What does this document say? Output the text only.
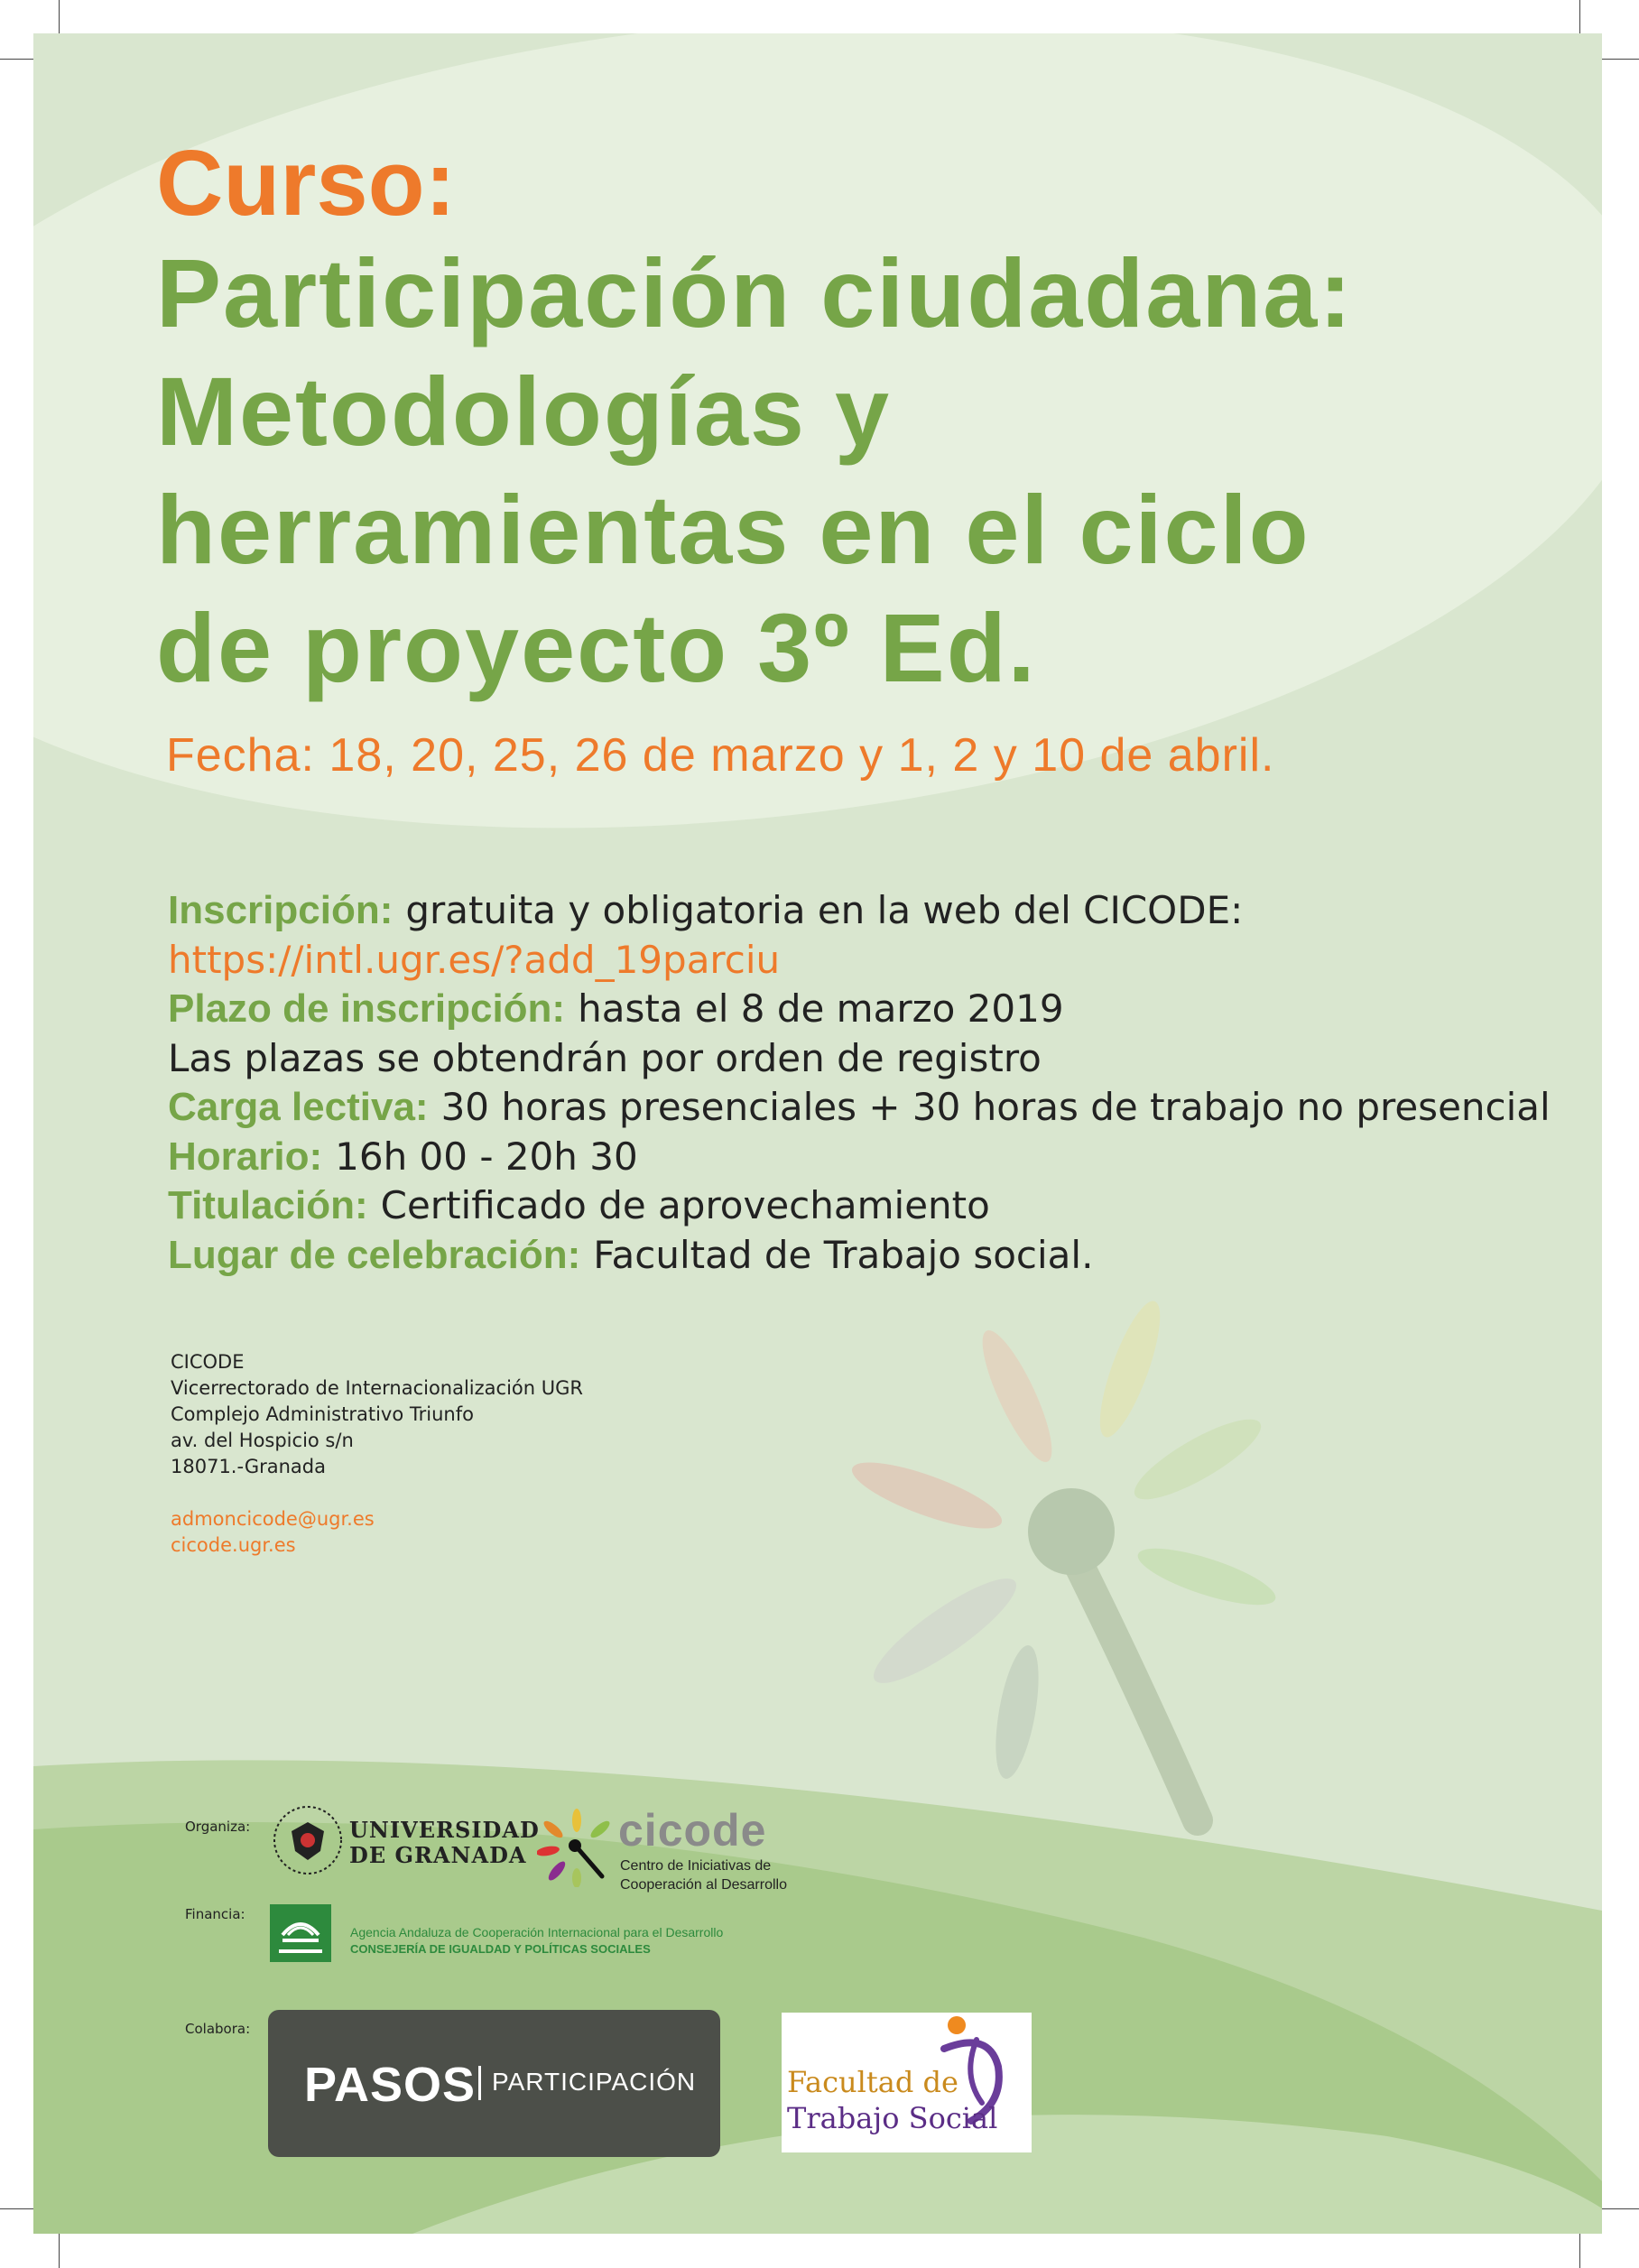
Curso:
Participación ciudadana:
Metodologías y
herramientas en el ciclo
de proyecto 3º Ed.
Fecha: 18, 20, 25, 26 de marzo y 1, 2 y 10 de abril.
Inscripción: gratuita y obligatoria en la web del CICODE:
https://intl.ugr.es/?add_19parciu
Plazo de inscripción: hasta el 8 de marzo 2019
Las plazas se obtendrán por orden de registro
Carga lectiva: 30 horas presenciales + 30 horas de trabajo no presencial
Horario: 16h 00 - 20h 30
Titulación: Certificado de aprovechamiento
Lugar de celebración: Facultad de Trabajo social.
CICODE
Vicerrectorado de Internacionalización UGR
Complejo Administrativo Triunfo
av. del Hospicio s/n
18071.-Granada
admoncicode@ugr.es
cicode.ugr.es
Organiza:
Financia:
Colabora:
UNIVERSIDAD
DE GRANADA cicode
Centro de Iniciativas de
Cooperación al Desarrollo
Agencia Andaluza de Cooperación Internacional para el Desarrollo
CONSEJERÍA DE IGUALDAD Y POLÍTICAS SOCIALES
PASOS PARTICIPACIÓN	Facultad de
Trabajo Social
